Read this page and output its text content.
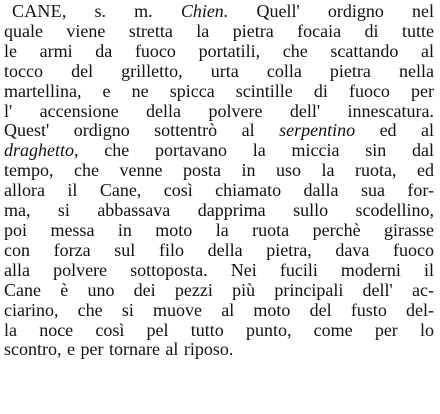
CANE, s. m. Chien. Quell' ordigno nel
quale viene stretta la pietra focaia di tutte
le armi da fuoco portatili, che scattando al
tocco del grilletto, urta colla pietra nella
martellina, e ne spicca scintille di fuoco per
l' accensione della polvere dell' innescatura.
Quest' ordigno sottentrò al serpentino ed al
draghetto, che portavano la miccia sin dal
tempo, che venne posta in uso la ruota, ed
allora il Cane, così chiamato dalla sua for-
ma, si abbassava dapprima sullo scodellino,
poi messa in moto la ruota perchè girasse
con forza sul filo della pietra, dava fuoco
alla polvere sottoposta. Nei fucili moderni il
Cane è uno dei pezzi più principali dell' ac-
ciarino, che si muove al moto del fusto del-
la noce così pel tutto punto, come per lo
scontro, e per tornare al riposo.
